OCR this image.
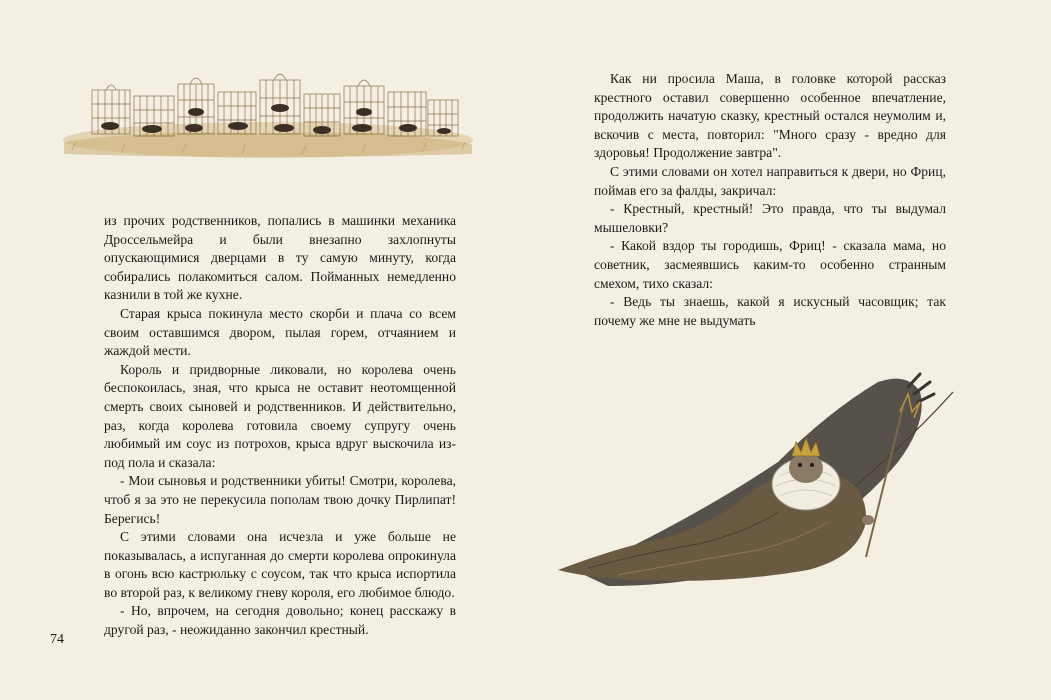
из прочих родственников, попались в машинки механика Дроссельмейра и были внезапно захлопнуты опускающимися дверцами в ту самую минуту, когда собирались полакомиться салом. Пойманных немедленно казнили в той же кухне.

Старая крыса покинула место скорби и плача со всем своим оставшимся двором, пылая горем, отчаянием и жаждой мести.

Король и придворные ликовали, но королева очень беспокоилась, зная, что крыса не оставит неотомщенной смерть своих сыновей и родственников. И действительно, раз, когда королева готовила своему супругу очень любимый им соус из потрохов, крыса вдруг выскочила из-под пола и сказала:

- Мои сыновья и родственники убиты! Смотри, королева, чтоб я за это не перекусила пополам твою дочку Пирлипат! Берегись!

С этими словами она исчезла и уже больше не показывалась, а испуганная до смерти королева опрокинула в огонь всю кастрюльку с соусом, так что крыса испортила во второй раз, к великому гневу короля, его любимое блюдо.

- Но, впрочем, на сегодня довольно; конец расскажу в другой раз, - неожиданно закончил крестный.

74

Как ни просила Маша, в головке которой рассказ крестного оставил совершенно особенное впечатление, продолжить начатую сказку, крестный остался неумолим и, вскочив с места, повторил: "Много сразу - вредно для здоровья! Продолжение завтра".

С этими словами он хотел направиться к двери, но Фриц, поймав его за фалды, закричал:

- Крестный, крестный! Это правда, что ты выдумал мышеловки?

- Какой вздор ты городишь, Фриц! - сказала мама, но советник, засмеявшись каким-то особенно странным смехом, тихо сказал:

- Ведь ты знаешь, какой я искусный часовщик; так почему же мне не выдумать
